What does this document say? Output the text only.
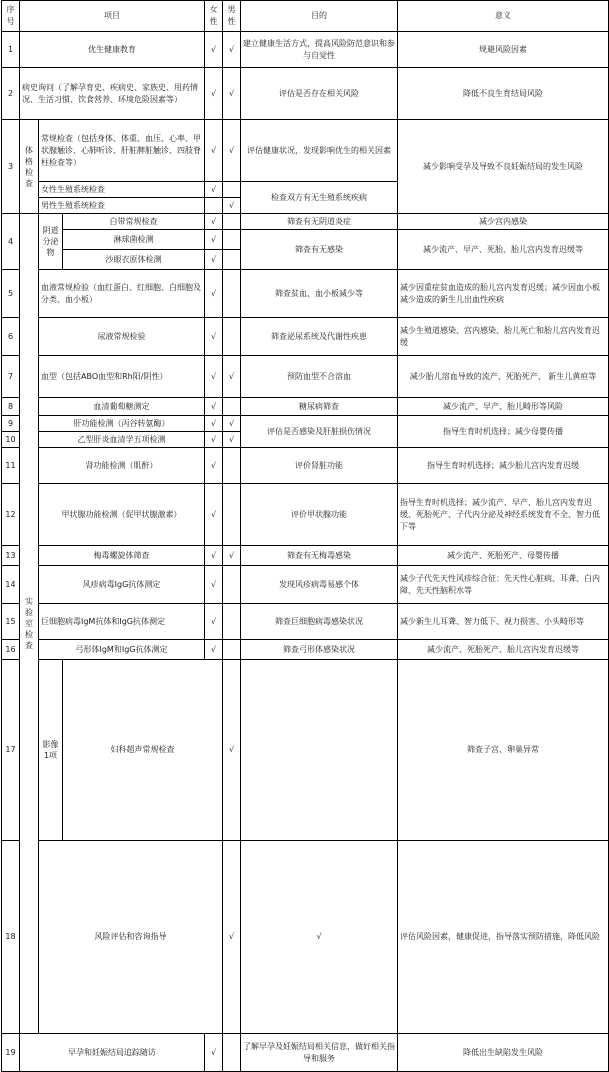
序号	项目			女性	男性	目的	意义	
1	优生健康教育			√	√	建立健康生活方式，提高风险防范意识和参与自觉性	规避风险因素	
2	病史询问（了解孕育史、疾病史、家族史、用药情况、生活习惯、饮食营养、环境危险因素等）			√	√	评估是否存在相关风险	降低不良生育结局风险	
3	体格检查	常规检查（包括身体、体重、血压、心率、甲状腺触诊、心肺听诊、肝脏脾脏触诊、四肢脊柱检查等）		√	√	评估健康状况，发现影响优生的相关因素	减少影响受孕及导致不良妊娠结局的发生风险	
		女性生殖系统检查		√		检查双方有无生殖系统疾病		
		男性生殖系统检查			√			
4	实验室检查	阴道分泌物	白带常规检查	√		筛查有无阴道炎症	减少宫内感染	
			淋球菌检测	√		筛查有无感染	减少流产、早产、死胎、胎儿宫内发育迟缓等	
			沙眼衣原体检测	√				
5		血液常规检验（血红蛋白、红细胞、白细胞及分类、血小板）		√		筛查贫血、血小板减少等	减少因重症贫血造成的胎儿宫内发育迟缓；减少因血小板减少造成的新生儿出血性疾病	
6		尿液常规检验		√		筛查泌尿系统及代谢性疾患	减少生殖道感染、宫内感染、胎儿死亡和胎儿宫内发育迟缓	
7		血型（包括ABO血型和Rh阳/阴性）		√	√	预防血型不合溶血	减少胎儿溶血导致的流产、死胎死产、 新生儿黄疸等	
8		血清葡萄糖测定		√		糖尿病筛查	减少流产、早产、胎儿畸形等风险	
9		肝功能检测（丙谷转氨酶）		√	√	评估是否感染及肝脏损伤情况	指导生育时机选择；减少母婴传播	
10		乙型肝炎血清学五项检测		√	√			
11		肾功能检测（肌酐）		√		评价肾脏功能	指导生育时机选择；减少胎儿宫内发育迟缓	
12		甲状腺功能检测（促甲状腺激素）		√		评价甲状腺功能	指导生育时机选择；减少流产、早产、胎儿宫内发育迟缓、死胎死产、子代内分泌及神经系统发育不全、智力低下等	
13		梅毒螺旋体筛查		√	√	筛查有无梅毒感染	减少流产、死胎死产、母婴传播	
14		风疹病毒IgG抗体测定		√		发现风疹病毒易感个体	减少子代先天性风疹综合征：先天性心脏病、耳聋、白内障、先天性脑积水等	
15		巨细胞病毒IgM抗体和IgG抗体测定		√		筛查巨细胞病毒感染状况	减少新生儿耳聋、智力低下、视力损害、小头畸形等	
16		弓形体IgM和IgG抗体测定		√		筛查弓形体感染状况	减少流产、死胎死产、胎儿宫内发育迟缓等	
17		影像1项	妇科超声常规检查		√		筛查子宫、卵巢异常	
18		风险评估和咨询指导			√	√	评估风险因素，健康促进，指导落实预防措施，降低风险	
19	早孕和妊娠结局追踪随访			√		了解早孕及妊娠结局相关信息，做好相关指导和服务	降低出生缺陷发生风险	
